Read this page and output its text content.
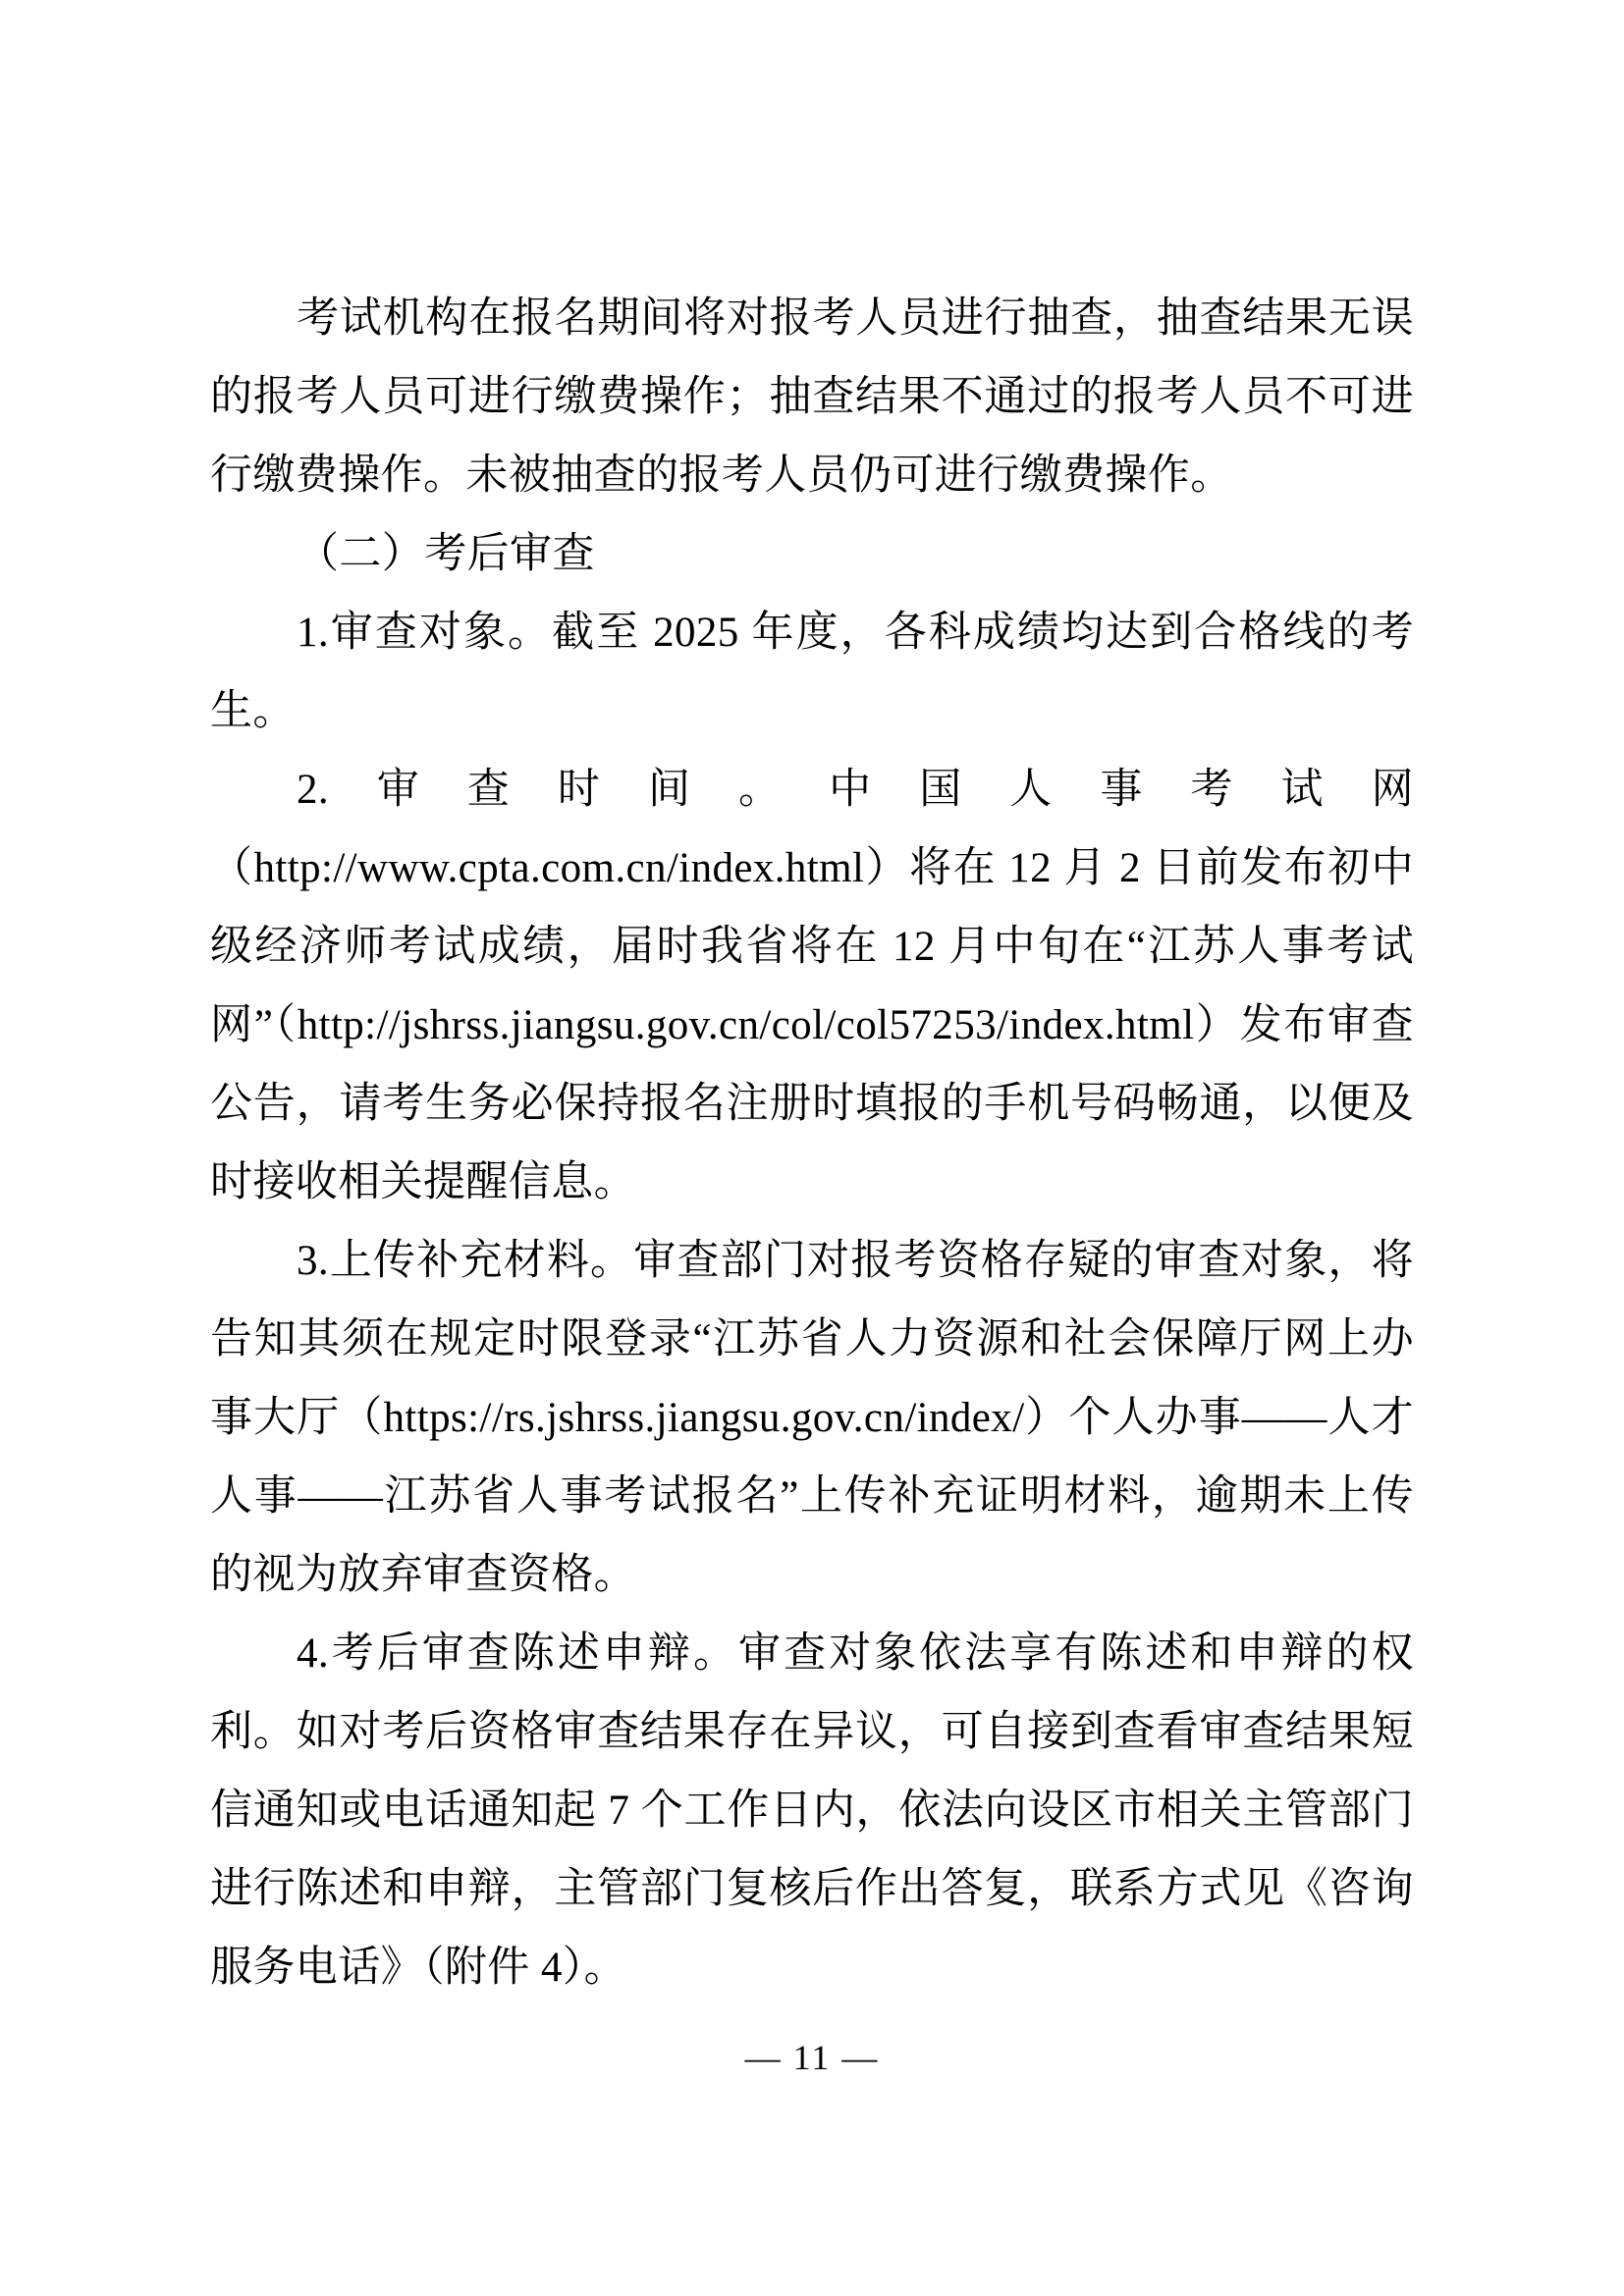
考试机构在报名期间将对报考人员进行抽查，抽查结果无误的报考人员可进行缴费操作；抽查结果不通过的报考人员不可进行缴费操作。未被抽查的报考人员仍可进行缴费操作。

（二）考后审查

1.审查对象。截至 2025 年度，各科成绩均达到合格线的考生。

2.审查时间。中国人事考试网（http://www.cpta.com.cn/index.html）将在 12 月 2 日前发布初中级经济师考试成绩，届时我省将在 12 月中旬在“江苏人事考试网”（http://jshrss.jiangsu.gov.cn/col/col57253/index.html）发布审查公告，请考生务必保持报名注册时填报的手机号码畅通，以便及时接收相关提醒信息。

3.上传补充材料。审查部门对报考资格存疑的审查对象，将告知其须在规定时限登录“江苏省人力资源和社会保障厅网上办事大厅（https://rs.jshrss.jiangsu.gov.cn/index/）个人办事——人才人事——江苏省人事考试报名”上传补充证明材料，逾期未上传的视为放弃审查资格。

4.考后审查陈述申辩。审查对象依法享有陈述和申辩的权利。如对考后资格审查结果存在异议，可自接到查看审查结果短信通知或电话通知起 7 个工作日内，依法向设区市相关主管部门进行陈述和申辩，主管部门复核后作出答复，联系方式见《咨询服务电话》（附件 4）。

— 11 —
